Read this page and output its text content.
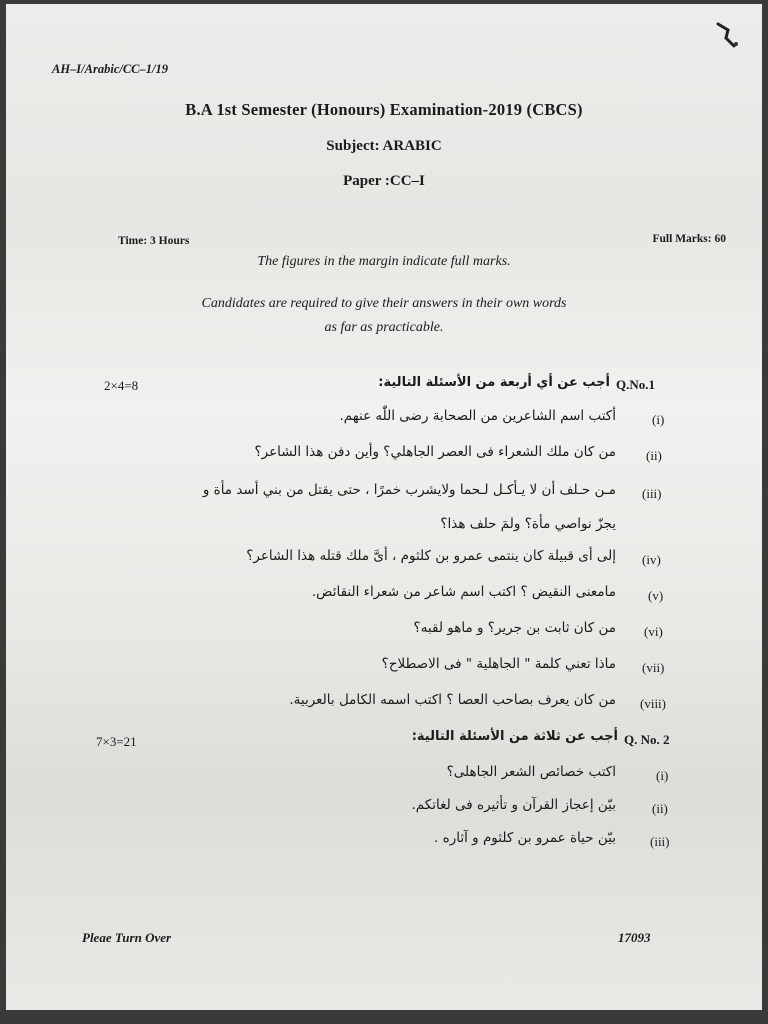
AH–I/Arabic/CC–1/19
B.A 1st Semester (Honours) Examination-2019 (CBCS)
Subject: ARABIC
Paper :CC–I
Time: 3 Hours	Full Marks: 60
The figures in the margin indicate full marks.
Candidates are required to give their answers in their own words
as far as practicable.
2×4=8	Q.No.1
أجب عن أي أربعة من الأسئلة التالية:
(i)
أكتب اسم الشاعرين من الصحابة رضى اللّٰه عنهم.
(ii)
من كان ملك الشعراء فى العصر الجاهلي؟ وأين دفن هذا الشاعر؟
(iii)
مـن حـلف أن لا يـأكـل لـحما ولايشرب خمرًا ، حتى يقتل من بني أسد مأة و
يجزّ نواصي مأة؟ ولمَ حلف هذا؟
(iv)
إلى أى قبيلة كان ينتمى عمرو بن كلثوم ، أىَّ ملك قتله هذا الشاعر؟
(v)
مامعنى النقيض ؟ اكتب اسم شاعر من شعراء النقائض.
(vi)
من كان ثابت بن جرير؟ و ماهو لقبه؟
(vii)
ماذا تعني كلمة " الجاهلية " فى الاصطلاح؟
(viii)
من كان يعرف بصاحب العصا ؟ اكتب اسمه الكامل بالعربية.
7×3=21	Q. No. 2
أجب عن ثلاثة من الأسئلة التالية:
(i)
اكتب خصائص الشعر الجاهلى؟
(ii)
بيّن إعجاز القرآن و تأثيره فى لغاتكم.
(iii)
بيّن حياة عمرو بن كلثوم و آثاره .
Pleae Turn Over	17093
